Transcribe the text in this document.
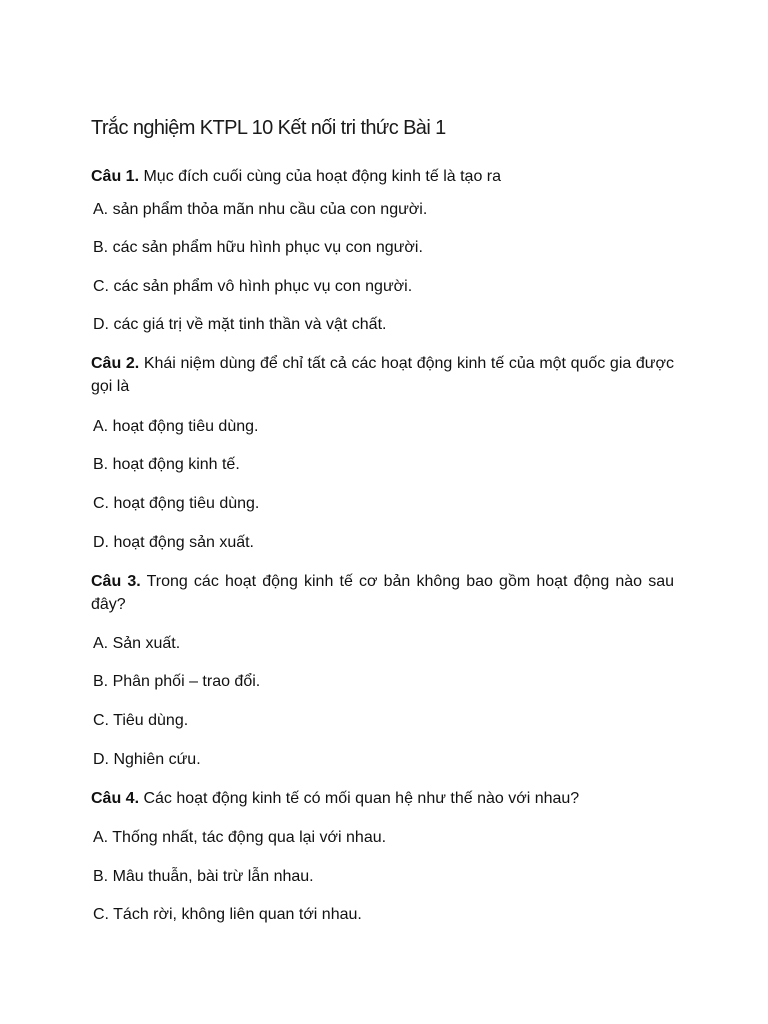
Trắc nghiệm KTPL 10 Kết nối tri thức Bài 1
Câu 1. Mục đích cuối cùng của hoạt động kinh tế là tạo ra
A. sản phẩm thỏa mãn nhu cầu của con người.
B. các sản phẩm hữu hình phục vụ con người.
C. các sản phẩm vô hình phục vụ con người.
D. các giá trị về mặt tinh thần và vật chất.
Câu 2. Khái niệm dùng để chỉ tất cả các hoạt động kinh tế của một quốc gia được gọi là
A. hoạt động tiêu dùng.
B. hoạt động kinh tế.
C. hoạt động tiêu dùng.
D. hoạt động sản xuất.
Câu 3. Trong các hoạt động kinh tế cơ bản không bao gồm hoạt động nào sau đây?
A. Sản xuất.
B. Phân phối – trao đổi.
C. Tiêu dùng.
D. Nghiên cứu.
Câu 4. Các hoạt động kinh tế có mối quan hệ như thế nào với nhau?
A. Thống nhất, tác động qua lại với nhau.
B. Mâu thuẫn, bài trừ lẫn nhau.
C. Tách rời, không liên quan tới nhau.
